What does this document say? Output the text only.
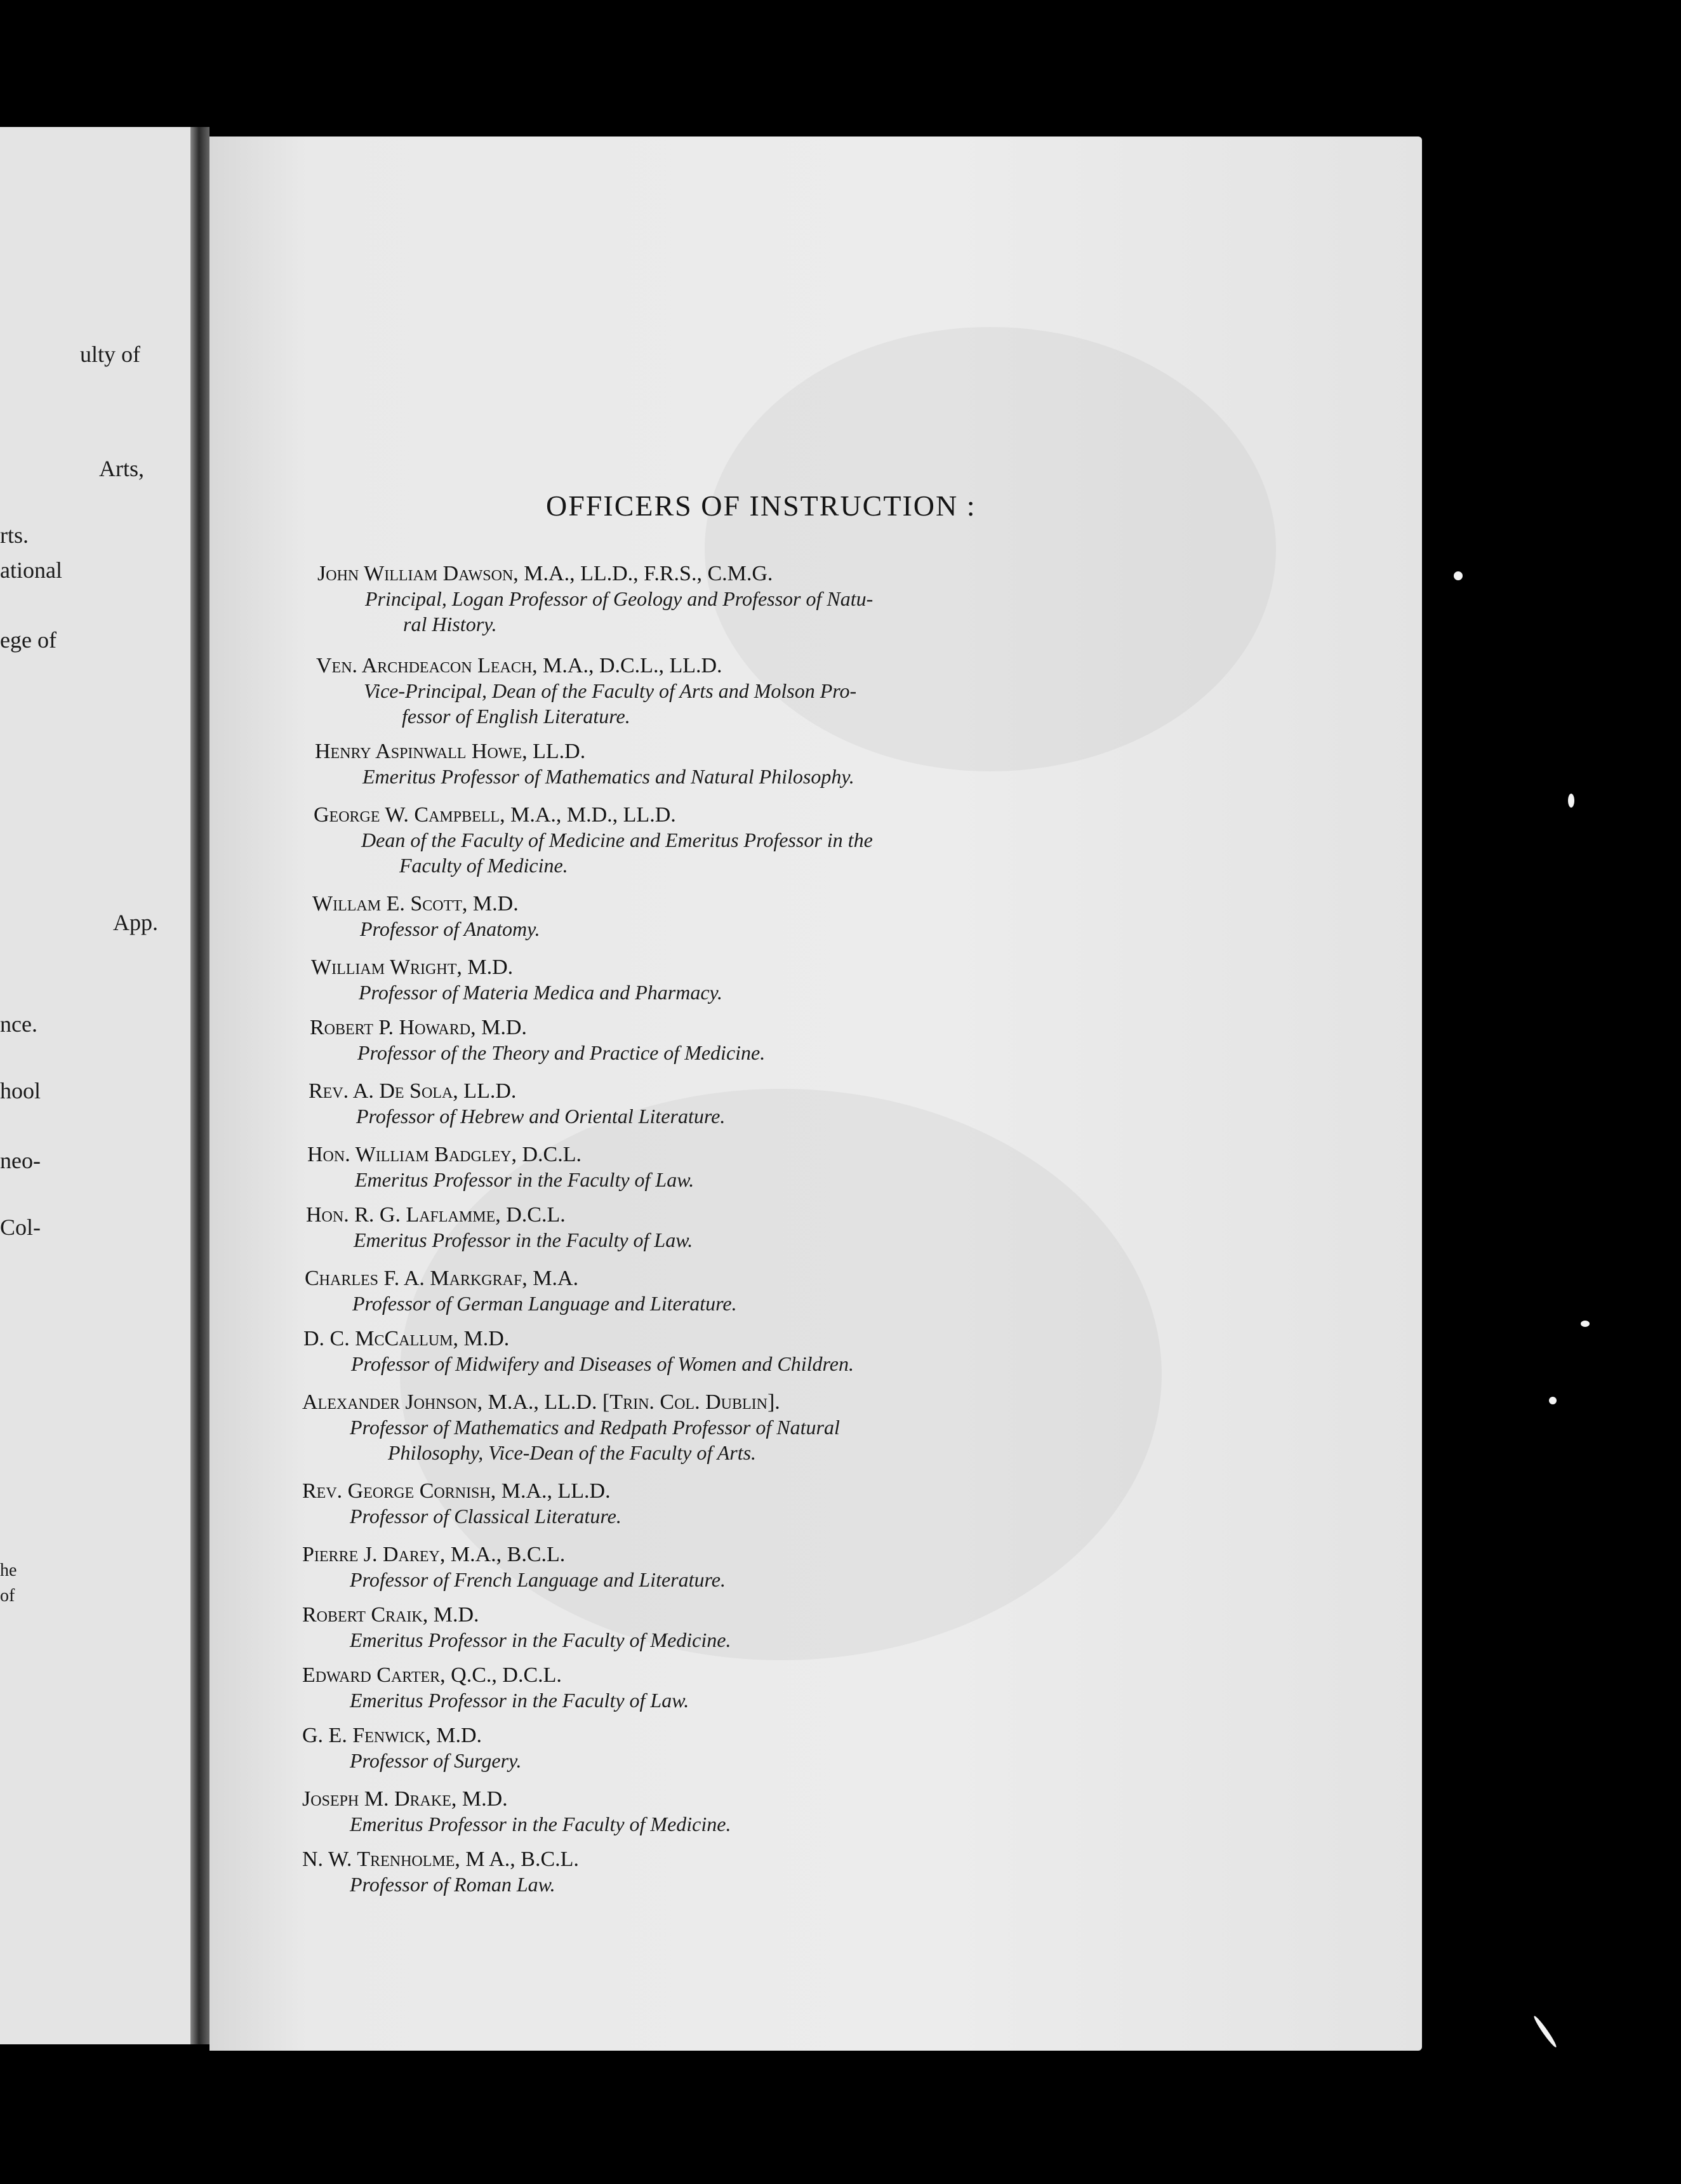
ulty of
Arts,
rts.
ational
ege of
App.
nce.
hool
neo-
Col-
he
of
OFFICERS OF INSTRUCTION :
John William Dawson, M.A., LL.D., F.R.S., C.M.G.
Principal, Logan Professor of Geology and Professor of Natu-
ral History.
Ven. Archdeacon Leach, M.A., D.C.L., LL.D.
Vice-Principal, Dean of the Faculty of Arts and Molson Pro-
fessor of English Literature.
Henry Aspinwall Howe, LL.D.
Emeritus Professor of Mathematics and Natural Philosophy.
George W. Campbell, M.A., M.D., LL.D.
Dean of the Faculty of Medicine and Emeritus Professor in the
Faculty of Medicine.
Willam E. Scott, M.D.
Professor of Anatomy.
William Wright, M.D.
Professor of Materia Medica and Pharmacy.
Robert P. Howard, M.D.
Professor of the Theory and Practice of Medicine.
Rev. A. De Sola, LL.D.
Professor of Hebrew and Oriental Literature.
Hon. William Badgley, D.C.L.
Emeritus Professor in the Faculty of Law.
Hon. R. G. Laflamme, D.C.L.
Emeritus Professor in the Faculty of Law.
Charles F. A. Markgraf, M.A.
Professor of German Language and Literature.
D. C. McCallum, M.D.
Professor of Midwifery and Diseases of Women and Children.
Alexander Johnson, M.A., LL.D. [Trin. Col. Dublin].
Professor of Mathematics and Redpath Professor of Natural
Philosophy, Vice-Dean of the Faculty of Arts.
Rev. George Cornish, M.A., LL.D.
Professor of Classical Literature.
Pierre J. Darey, M.A., B.C.L.
Professor of French Language and Literature.
Robert Craik, M.D.
Emeritus Professor in the Faculty of Medicine.
Edward Carter, Q.C., D.C.L.
Emeritus Professor in the Faculty of Law.
G. E. Fenwick, M.D.
Professor of Surgery.
Joseph M. Drake, M.D.
Emeritus Professor in the Faculty of Medicine.
N. W. Trenholme, M A., B.C.L.
Professor of Roman Law.
